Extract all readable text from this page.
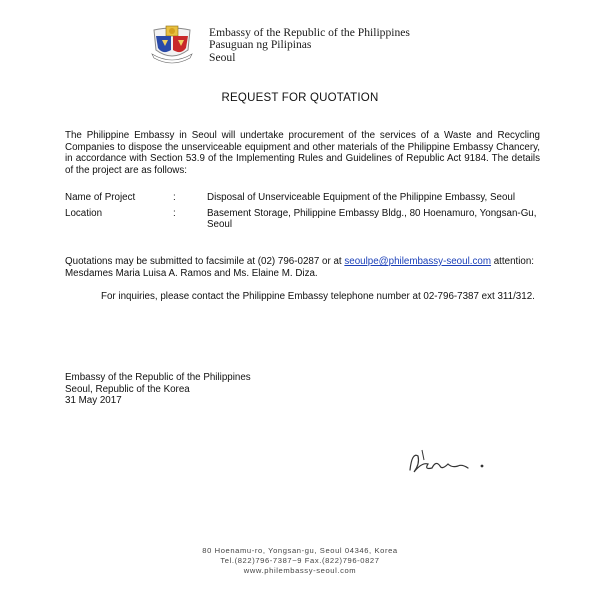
Embassy of the Republic of the Philippines
Pasuguan ng Pilipinas
Seoul
REQUEST FOR QUOTATION
The Philippine Embassy in Seoul will undertake procurement of the services of a Waste and Recycling Companies to dispose the unserviceable equipment and other materials of the Philippine Embassy Chancery, in accordance with Section 53.9 of the Implementing Rules and Guidelines of Republic Act 9184. The details of the project are as follows:
Name of Project	:	Disposal of Unserviceable Equipment of the Philippine Embassy, Seoul
Location	:	Basement Storage, Philippine Embassy Bldg., 80 Hoenamuro, Yongsan-Gu, Seoul
Quotations may be submitted to facsimile at (02) 796-0287 or at seoulpe@philembassy-seoul.com attention: Mesdames Maria Luisa A. Ramos and Ms. Elaine M. Diza.
For inquiries, please contact the Philippine Embassy telephone number at 02-796-7387 ext 311/312.
Embassy of the Republic of the Philippines
Seoul, Republic of the Korea
31 May 2017
80 Hoenamu-ro, Yongsan-gu, Seoul 04346, Korea
Tel.(822)796-7387~9 Fax.(822)796-0827
www.philembassy-seoul.com
